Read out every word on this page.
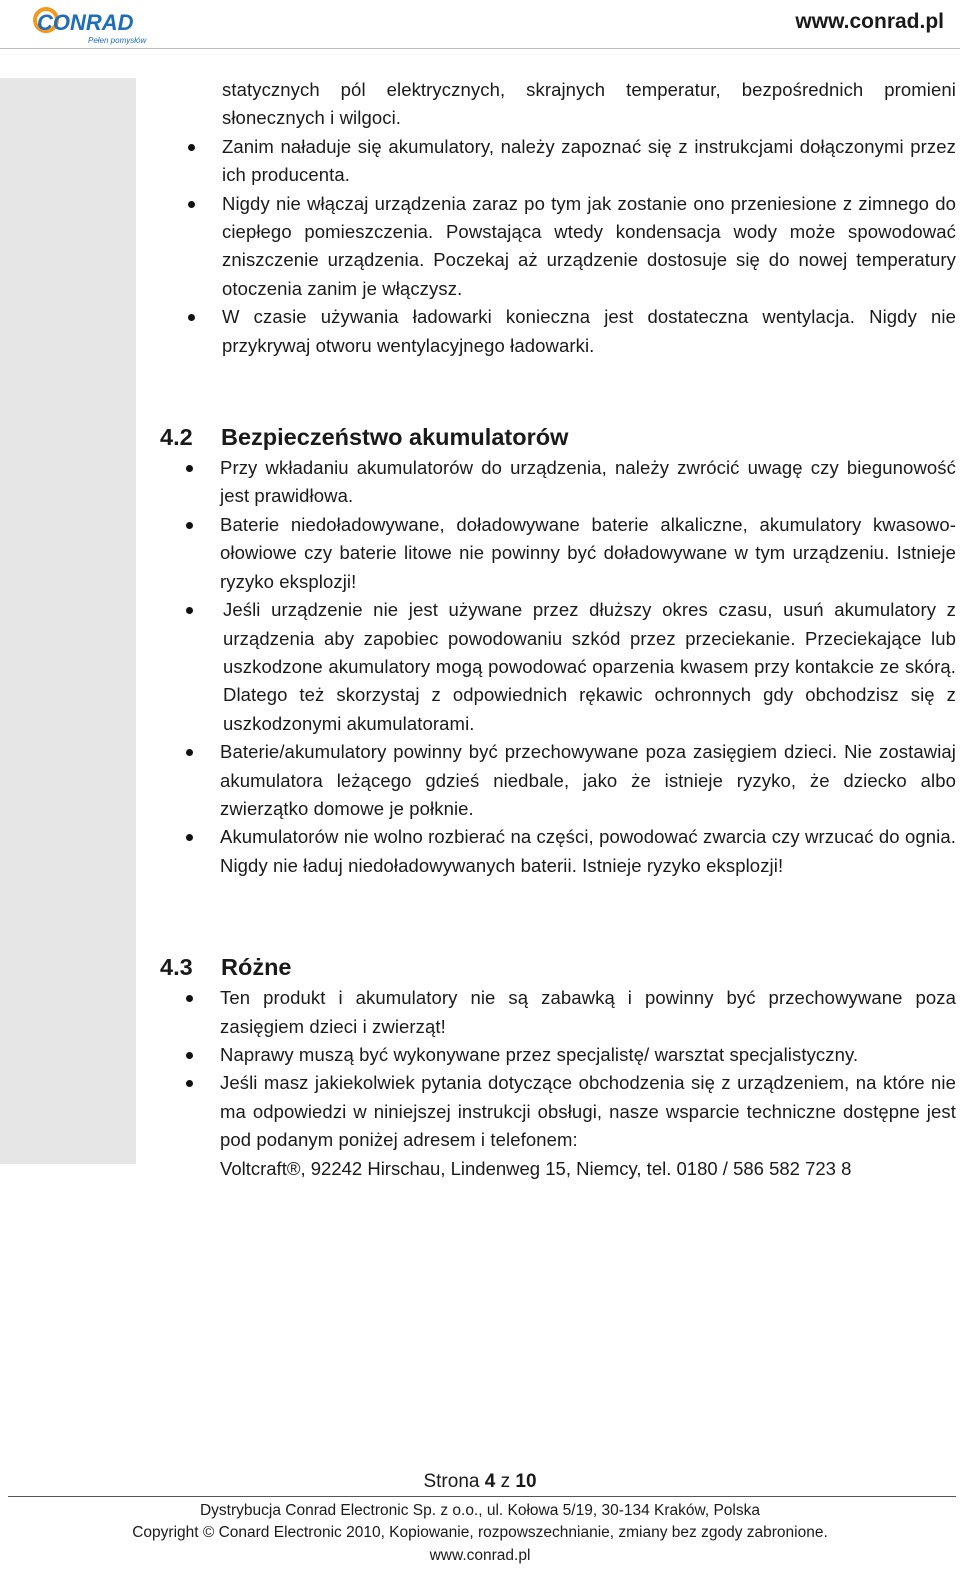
CONRAD
Pełen pomysłów
www.conrad.pl
statycznych pól elektrycznych, skrajnych temperatur, bezpośrednich promieni słonecznych i wilgoci.
Zanim naładuje się akumulatory, należy zapoznać się z instrukcjami dołączonymi przez ich producenta.
Nigdy nie włączaj urządzenia zaraz po tym jak zostanie ono przeniesione z zimnego do ciepłego pomieszczenia. Powstająca wtedy kondensacja wody może spowodować zniszczenie urządzenia. Poczekaj aż urządzenie dostosuje się do nowej temperatury otoczenia zanim je włączysz.
W czasie używania ładowarki konieczna jest dostateczna wentylacja. Nigdy nie przykrywaj otworu wentylacyjnego ładowarki.
4.2	Bezpieczeństwo akumulatorów
Przy wkładaniu akumulatorów do urządzenia, należy zwrócić uwagę czy biegunowość jest prawidłowa.
Baterie niedoładowywane, doładowywane baterie alkaliczne, akumulatory kwasowo-ołowiowe czy baterie litowe nie powinny być doładowywane w tym urządzeniu. Istnieje ryzyko eksplozji!
Jeśli urządzenie nie jest używane przez dłuższy okres czasu, usuń akumulatory z urządzenia aby zapobiec powodowaniu szkód przez przeciekanie. Przeciekające lub uszkodzone akumulatory mogą powodować oparzenia kwasem przy kontakcie ze skórą. Dlatego też skorzystaj z odpowiednich rękawic ochronnych gdy obchodzisz się z uszkodzonymi akumulatorami.
Baterie/akumulatory powinny być przechowywane poza zasięgiem dzieci. Nie zostawiaj akumulatora leżącego gdzieś niedbale, jako że istnieje ryzyko, że dziecko albo zwierzątko domowe je połknie.
Akumulatorów nie wolno rozbierać na części, powodować zwarcia czy wrzucać do ognia. Nigdy nie ładuj niedoładowywanych baterii. Istnieje ryzyko eksplozji!
4.3	Różne
Ten produkt i akumulatory nie są zabawką i powinny być przechowywane poza zasięgiem dzieci i zwierząt!
Naprawy muszą być wykonywane przez specjalistę/ warsztat specjalistyczny.
Jeśli masz jakiekolwiek pytania dotyczące obchodzenia się z urządzeniem, na które nie ma odpowiedzi w niniejszej instrukcji obsługi, nasze wsparcie techniczne dostępne jest pod podanym poniżej adresem i telefonem:
Voltcraft®, 92242 Hirschau, Lindenweg 15, Niemcy, tel. 0180 / 586 582 723 8
Strona 4 z 10
Dystrybucja Conrad Electronic Sp. z o.o., ul. Kołowa 5/19, 30-134 Kraków, Polska
Copyright © Conard Electronic 2010, Kopiowanie, rozpowszechnianie, zmiany bez zgody zabronione.
www.conrad.pl
